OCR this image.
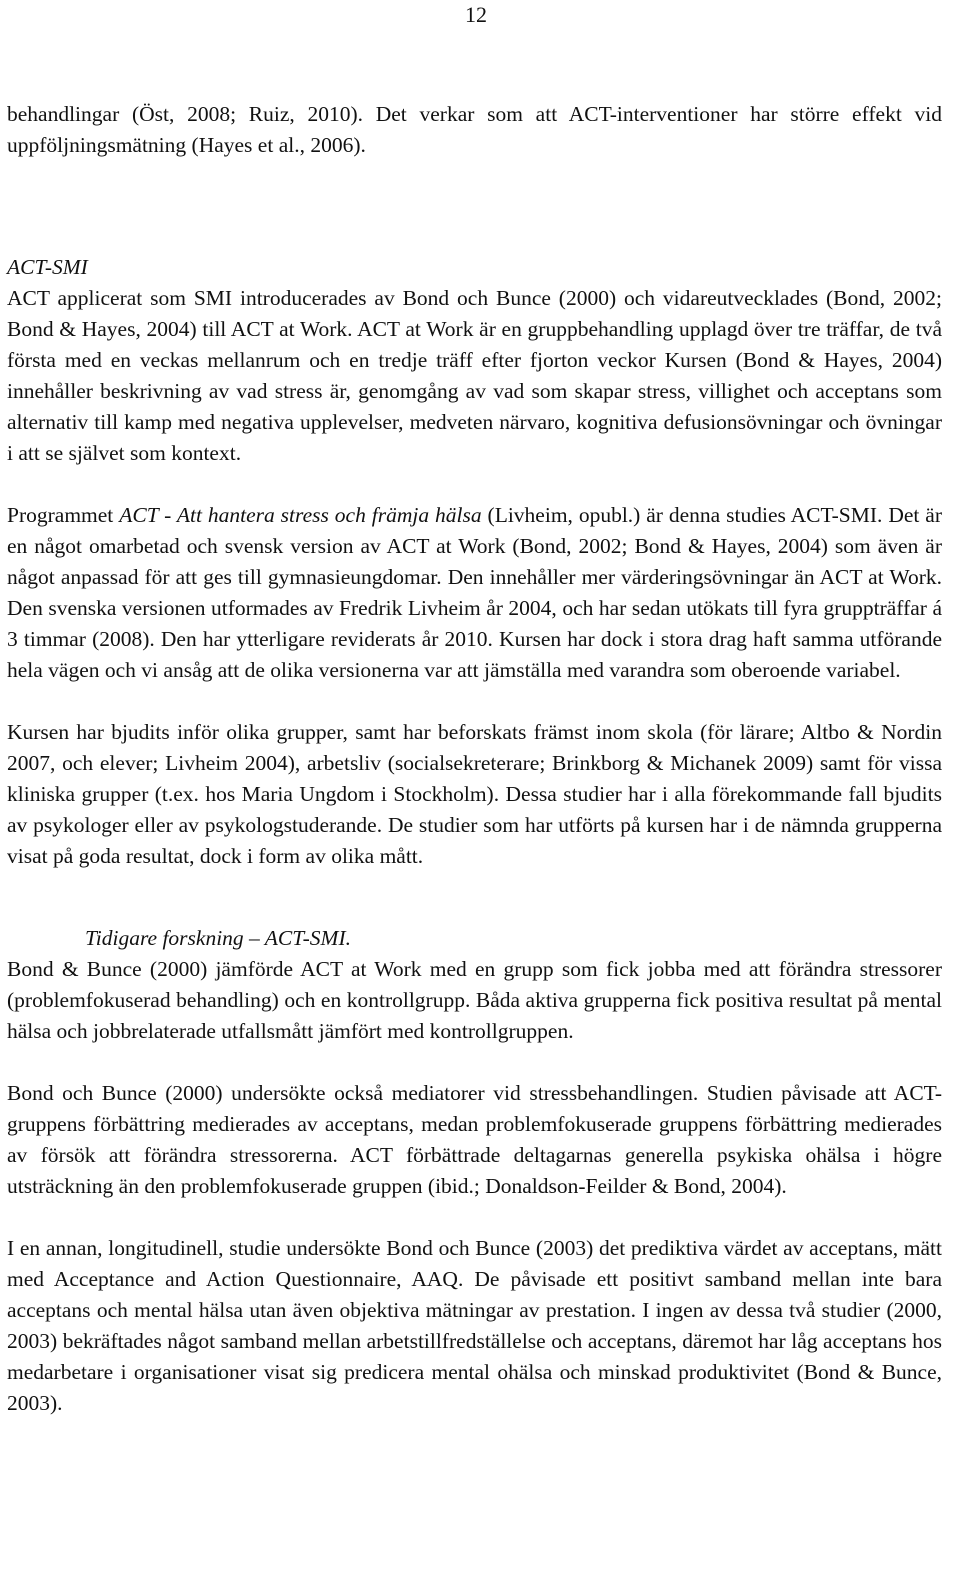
12

behandlingar (Öst, 2008; Ruiz, 2010). Det verkar som att ACT-interventioner har större effekt vid uppföljningsmätning (Hayes et al., 2006).

ACT-SMI

ACT applicerat som SMI introducerades av Bond och Bunce (2000) och vidareutvecklades (Bond, 2002; Bond & Hayes, 2004) till ACT at Work. ACT at Work är en gruppbehandling upplagd över tre träffar, de två första med en veckas mellanrum och en tredje träff efter fjorton veckor Kursen (Bond & Hayes, 2004) innehåller beskrivning av vad stress är, genomgång av vad som skapar stress, villighet och acceptans som alternativ till kamp med negativa upplevelser, medveten närvaro, kognitiva defusionsövningar och övningar i att se självet som kontext.

Programmet ACT - Att hantera stress och främja hälsa (Livheim, opubl.) är denna studies ACT-SMI. Det är en något omarbetad och svensk version av ACT at Work (Bond, 2002; Bond & Hayes, 2004) som även är något anpassad för att ges till gymnasieungdomar. Den innehåller mer värderingsövningar än ACT at Work. Den svenska versionen utformades av Fredrik Livheim år 2004, och har sedan utökats till fyra gruppträffar á 3 timmar (2008). Den har ytterligare reviderats år 2010. Kursen har dock i stora drag haft samma utförande hela vägen och vi ansåg att de olika versionerna var att jämställa med varandra som oberoende variabel.

Kursen har bjudits inför olika grupper, samt har beforskats främst inom skola (för lärare; Altbo & Nordin 2007, och elever; Livheim 2004), arbetsliv (socialsekreterare; Brinkborg & Michanek 2009) samt för vissa kliniska grupper (t.ex. hos Maria Ungdom i Stockholm). Dessa studier har i alla förekommande fall bjudits av psykologer eller av psykologstuderande. De studier som har utförts på kursen har i de nämnda grupperna visat på goda resultat, dock i form av olika mått.

Tidigare forskning – ACT-SMI.

Bond & Bunce (2000) jämförde ACT at Work med en grupp som fick jobba med att förändra stressorer (problemfokuserad behandling) och en kontrollgrupp. Båda aktiva grupperna fick positiva resultat på mental hälsa och jobbrelaterade utfallsmått jämfört med kontrollgruppen.

Bond och Bunce (2000) undersökte också mediatorer vid stressbehandlingen. Studien påvisade att ACT-gruppens förbättring medierades av acceptans, medan problemfokuserade gruppens förbättring medierades av försök att förändra stressorerna. ACT förbättrade deltagarnas generella psykiska ohälsa i högre utsträckning än den problemfokuserade gruppen (ibid.; Donaldson-Feilder & Bond, 2004).

I en annan, longitudinell, studie undersökte Bond och Bunce (2003) det prediktiva värdet av acceptans, mätt med Acceptance and Action Questionnaire, AAQ. De påvisade ett positivt samband mellan inte bara acceptans och mental hälsa utan även objektiva mätningar av prestation. I ingen av dessa två studier (2000, 2003) bekräftades något samband mellan arbetstillfredställelse och acceptans, däremot har låg acceptans hos medarbetare i organisationer visat sig predicera mental ohälsa och minskad produktivitet (Bond & Bunce, 2003).
